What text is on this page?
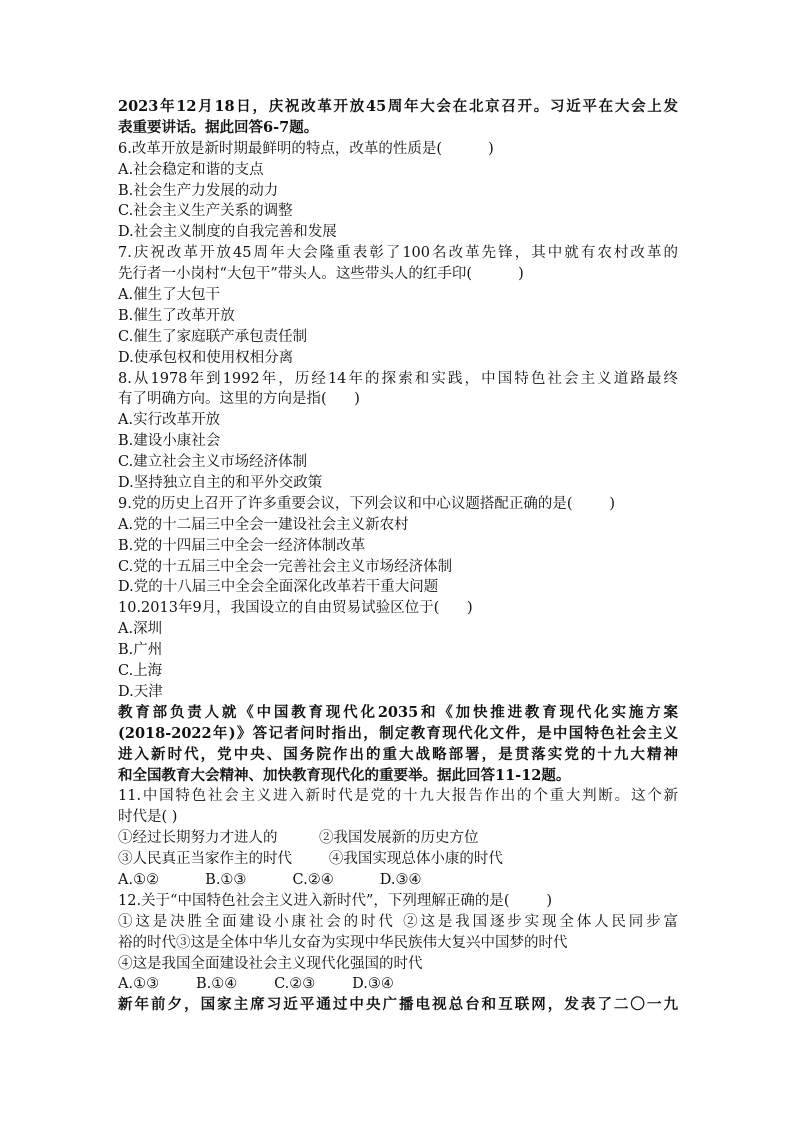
2023年12月18日，庆祝改革开放45周年大会在北京召开。习近平在大会上发
表重要讲话。据此回答6-7题。
6.改革开放是新时期最鲜明的特点，改革的性质是(          )
A.社会稳定和谐的支点
B.社会生产力发展的动力
C.社会主义生产关系的调整
D.社会主义制度的自我完善和发展
7.庆祝改革开放45周年大会隆重表彰了100名改革先锋，其中就有农村改革的
先行者一小岗村“大包干”带头人。这些带头人的红手印(          )
A.催生了大包干
B.催生了改革开放
C.催生了家庭联产承包责任制
D.使承包权和使用权相分离
8.从1978年到1992年，历经14年的探索和实践，中国特色社会主义道路最终
有了明确方向。这里的方向是指(      )
A.实行改革开放
B.建设小康社会
C.建立社会主义市场经济体制
D.坚持独立自主的和平外交政策
9.党的历史上召开了许多重要会议，下列会议和中心议题搭配正确的是(        )
A.党的十二届三中全会一建设社会主义新农村
B.党的十四届三中全会一经济体制改革
C.党的十五届三中全会一完善社会主义市场经济体制
D.党的十八届三中全会全面深化改革若干重大问题
10.2013年9月，我国设立的自由贸易试验区位于(      )
A.深圳
B.广州
C.上海
D.天津
教育部负责人就《中国教育现代化2035和《加快推进教育现代化实施方案
(2018-2022年)》答记者问时指出，制定教育现代化文件，是中国特色社会主义
进入新时代，党中央、国务院作出的重大战略部署，是贯落实党的十九大精神
和全国教育大会精神、加快教育现代化的重要举。据此回答11-12题。
11.中国特色社会主义进入新时代是党的十九大报告作出的个重大判断。这个新
时代是( )
①经过长期努力才进人的         ②我国发展新的历史方位
③人民真正当家作主的时代        ④我国实现总体小康的时代
A.①②          B.①③          C.②④          D.③④
12.关于“中国特色社会主义进入新时代”，下列理解正确的是(        )
①这是决胜全面建设小康社会的时代 ②这是我国逐步实现全体人民同步富
裕的时代③这是全体中华儿女奋为实现中华民族伟大复兴中国梦的时代
④这是我国全面建设社会主义现代化强国的时代
A.①③        B.①④        C.②③        D.③④
新年前夕，国家主席习近平通过中央广播电视总台和互联网，发表了二〇一九
